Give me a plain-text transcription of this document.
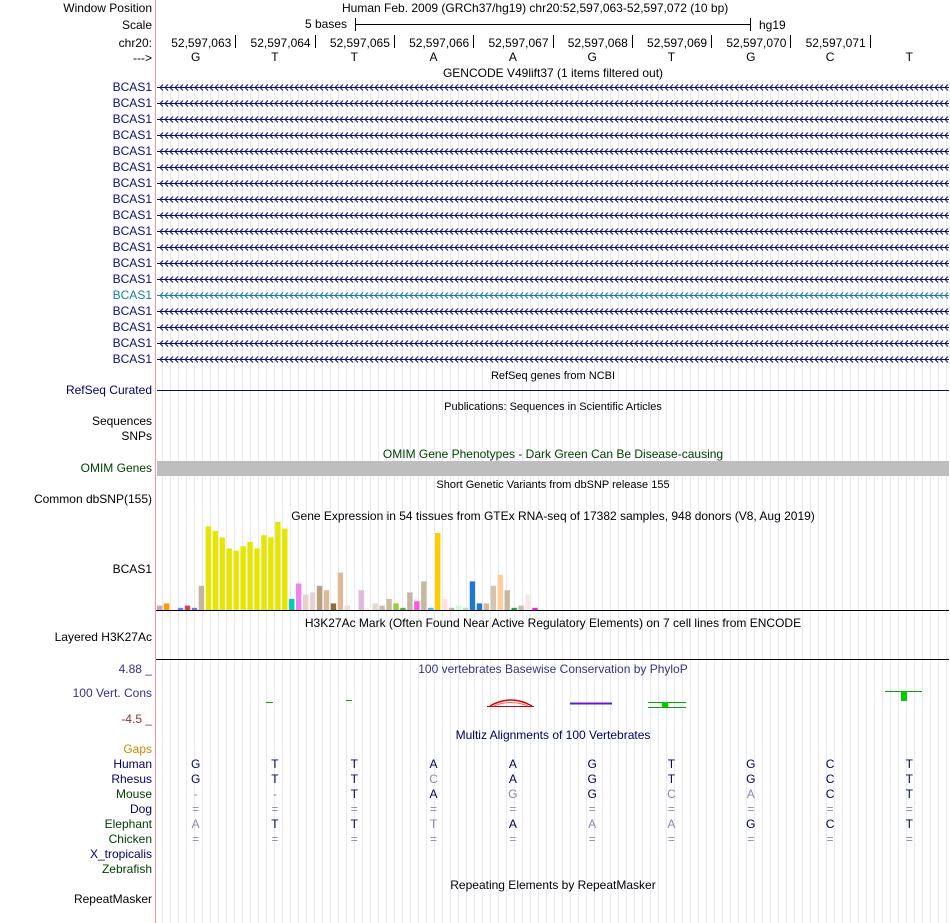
Window Position	Human Feb. 2009 (GRCh37/hg19) chr20:52,597,063-52,597,072 (10 bp)
Scale	5 bases	hg19
chr20:
--->
52,597,063	52,597,064	52,597,065	52,597,066	52,597,067	52,597,068	52,597,069	52,597,070	52,597,071
G	T	T	A	A	G	T	G	C	T
GENCODE V49lift37 (1 items filtered out)
BCAS1
BCAS1
BCAS1
BCAS1
BCAS1
BCAS1
BCAS1
BCAS1
BCAS1
BCAS1
BCAS1
BCAS1
BCAS1
BCAS1
BCAS1
BCAS1
BCAS1
BCAS1
RefSeq genes from NCBI
RefSeq Curated
Publications: Sequences in Scientific Articles
Sequences
SNPs
OMIM Gene Phenotypes - Dark Green Can Be Disease-causing
OMIM Genes
Short Genetic Variants from dbSNP release 155
Common dbSNP(155)
Gene Expression in 54 tissues from GTEx RNA-seq of 17382 samples, 948 donors (V8, Aug 2019)
BCAS1
H3K27Ac Mark (Often Found Near Active Regulatory Elements) on 7 cell lines from ENCODE
Layered H3K27Ac
100 vertebrates Basewise Conservation by PhyloP
4.88 _
100 Vert. Cons
-4.5 _
Multiz Alignments of 100 Vertebrates
Gaps
Human	G	T	T	A	A	G	T	G	C	T
Rhesus	G	T	T	C	A	G	T	G	C	T
Mouse	-	-	T	A	G	G	C	A	C	T
Dog	=	=	=	=	=	=	=	=	=	=
Elephant	A	T	T	T	A	A	A	G	C	T
Chicken	=	=	=	=	=	=	=	=	=	=
X_tropicalis
Zebrafish
Repeating Elements by RepeatMasker
RepeatMasker
